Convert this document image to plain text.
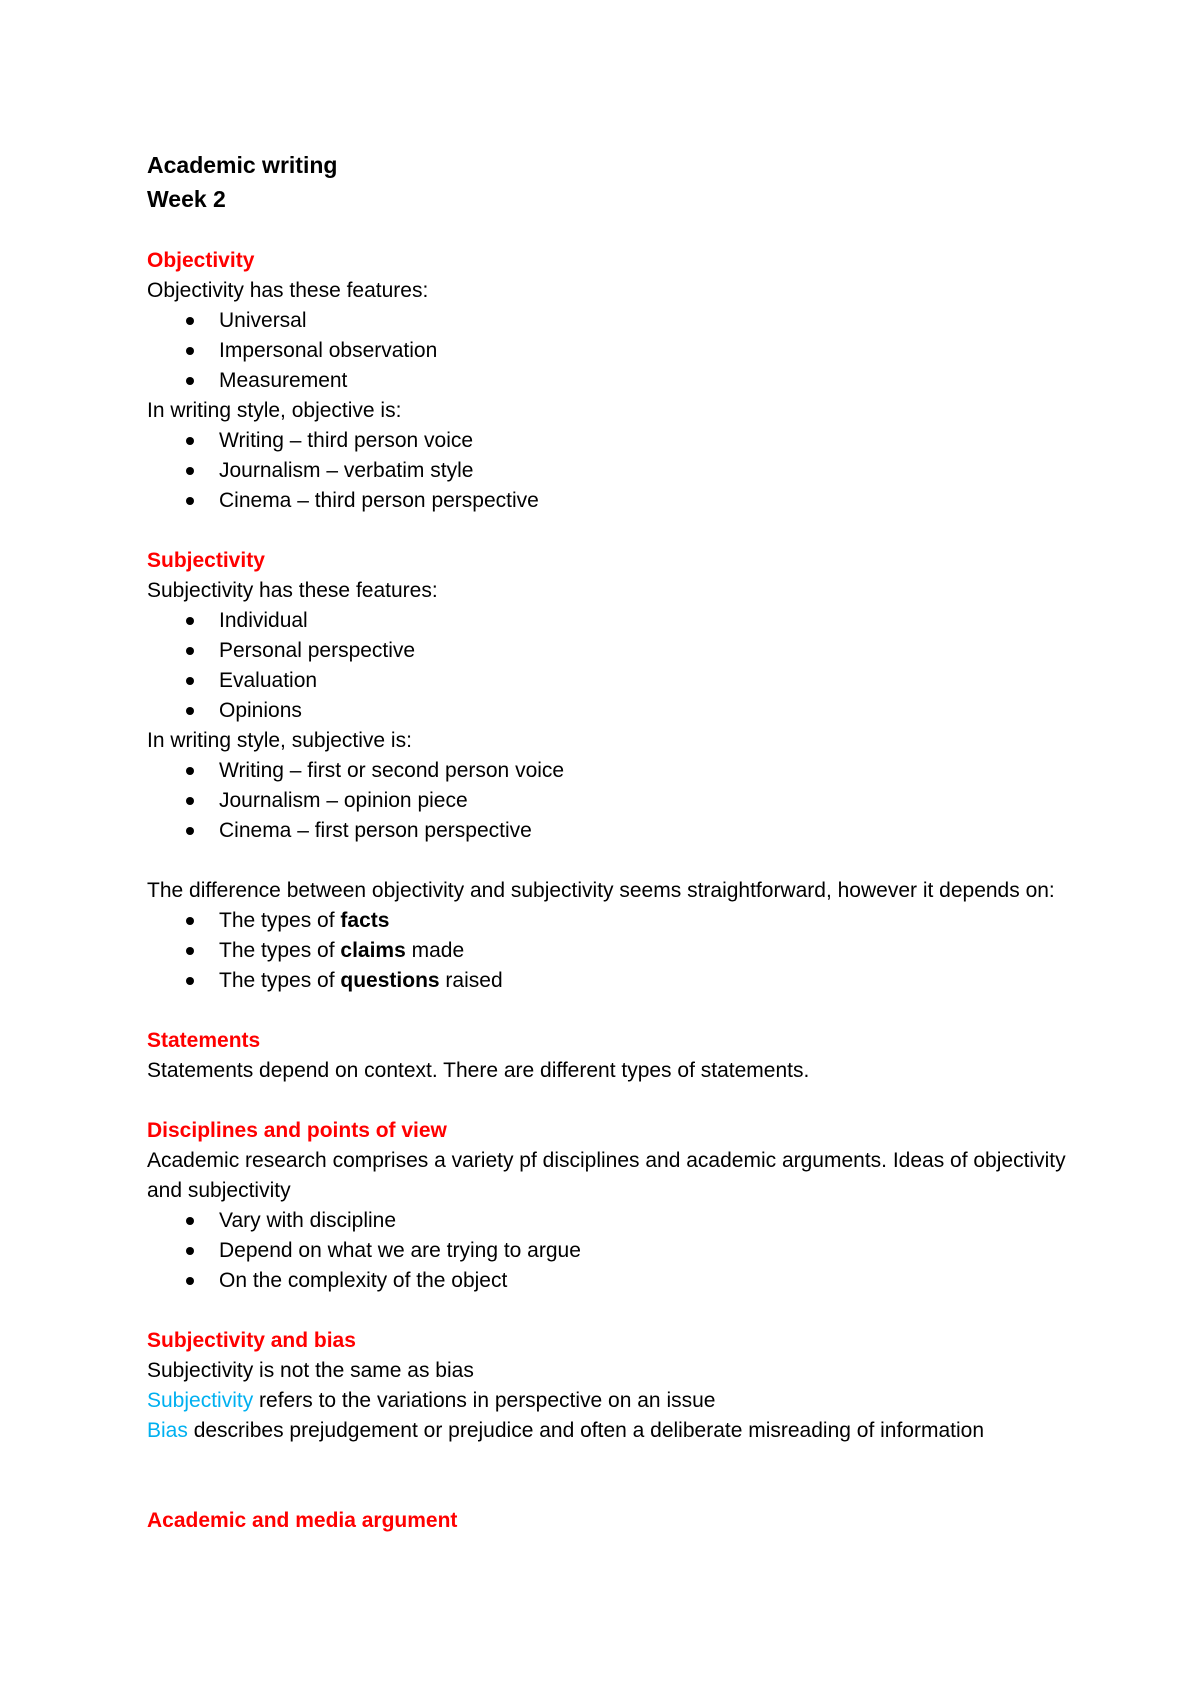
Academic writing
Week 2
Objectivity
Objectivity has these features:
Universal
Impersonal observation
Measurement
In writing style, objective is:
Writing – third person voice
Journalism – verbatim style
Cinema – third person perspective
Subjectivity
Subjectivity has these features:
Individual
Personal perspective
Evaluation
Opinions
In writing style, subjective is:
Writing – first or second person voice
Journalism – opinion piece
Cinema – first person perspective
The difference between objectivity and subjectivity seems straightforward, however it depends on:
The types of facts
The types of claims made
The types of questions raised
Statements
Statements depend on context. There are different types of statements.
Disciplines and points of view
Academic research comprises a variety pf disciplines and academic arguments. Ideas of objectivity and subjectivity
Vary with discipline
Depend on what we are trying to argue
On the complexity of the object
Subjectivity and bias
Subjectivity is not the same as bias
Subjectivity refers to the variations in perspective on an issue
Bias describes prejudgement or prejudice and often a deliberate misreading of information
Academic and media argument
